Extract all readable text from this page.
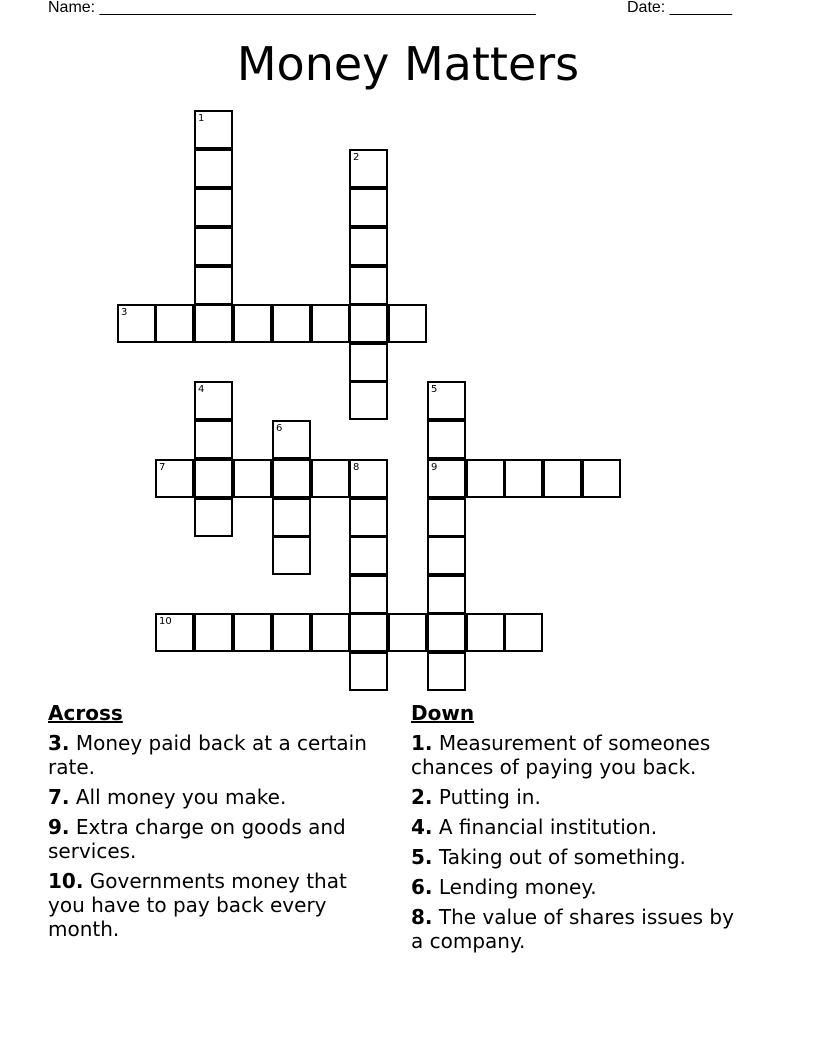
Name: _________________________________________________	Date: _______
Money Matters
1
2
3
4	5
6
7	8	9
10
Across
3. Money paid back at a certain rate.
7. All money you make.
9. Extra charge on goods and services.
10. Governments money that you have to pay back every month.
Down
1. Measurement of someones chances of paying you back.
2. Putting in.
4. A financial institution.
5. Taking out of something.
6. Lending money.
8. The value of shares issues by a company.
